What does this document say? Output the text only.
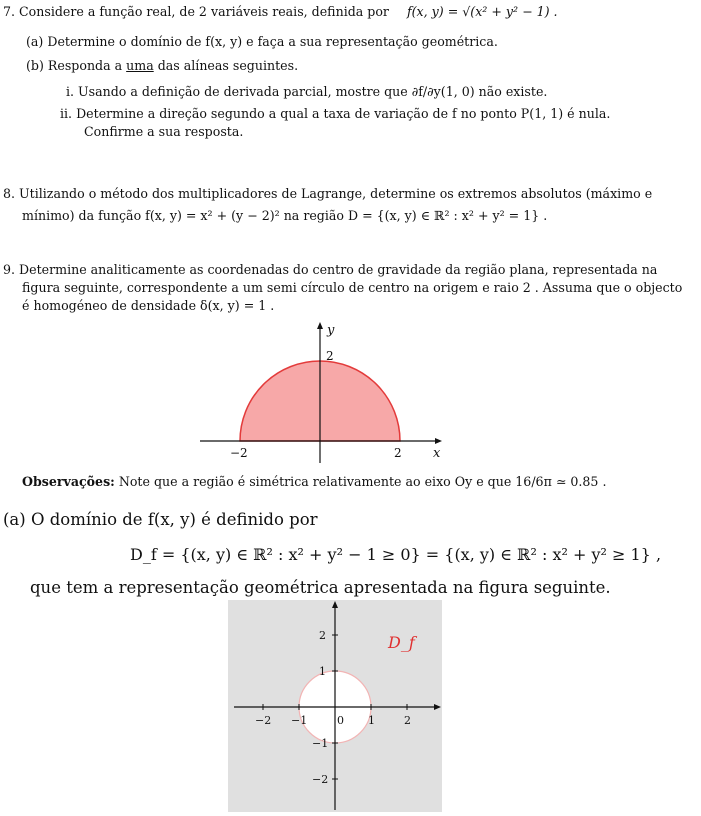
7. Considere a função real, de 2 variáveis reais, definida por f(x, y) = √(x² + y² − 1) .
(a) Determine o domínio de f(x, y) e faça a sua representação geométrica.
(b) Responda a uma das alíneas seguintes.
i. Usando a definição de derivada parcial, mostre que ∂f/∂y(1, 0) não existe.
ii. Determine a direção segundo a qual a taxa de variação de f no ponto P(1, 1) é nula.
Confirme a sua resposta.
8. Utilizando o método dos multiplicadores de Lagrange, determine os extremos absolutos (máximo e
mínimo) da função f(x, y) = x² + (y − 2)² na região D = {(x, y) ∈ ℝ² : x² + y² = 1} .
9. Determine analiticamente as coordenadas do centro de gravidade da região plana, representada na
figura seguinte, correspondente a um semi círculo de centro na origem e raio 2 . Assuma que o objecto
é homogéneo de densidade δ(x, y) = 1 .
y
2
−2	2 x
Observações: Note que a região é simétrica relativamente ao eixo Oy e que 16/6π ≃ 0.85 .
(a) O domínio de f(x, y) é definido por
D_f = {(x, y) ∈ ℝ² : x² + y² − 1 ≥ 0} = {(x, y) ∈ ℝ² : x² + y² ≥ 1} ,
que tem a representação geométrica apresentada na figura seguinte.
−2 −1	0 1	2
2
1
−1
−2
D_f
